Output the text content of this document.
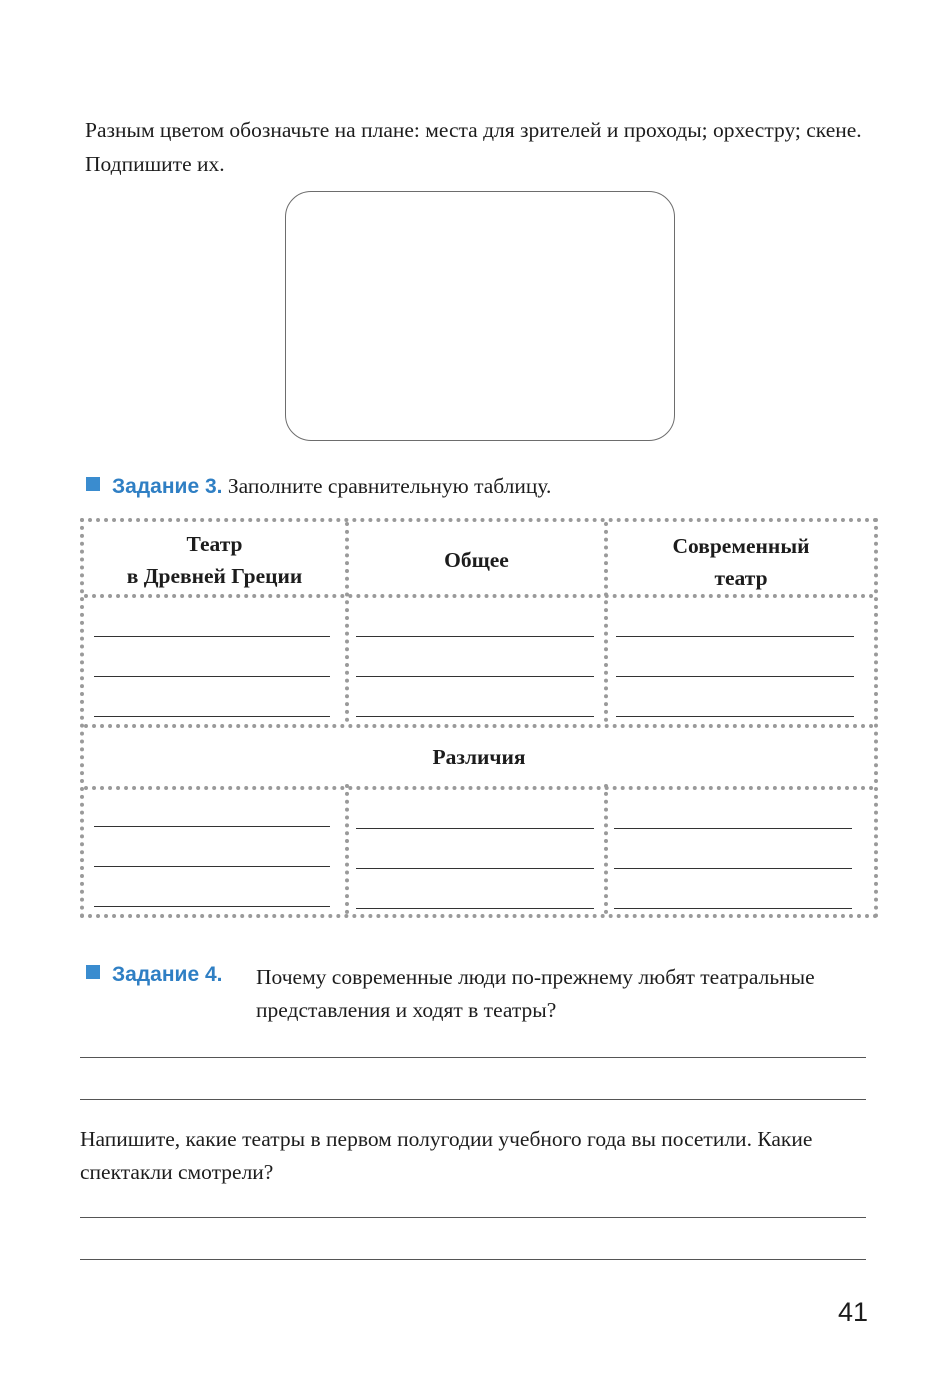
Разным цветом обозначьте на плане: места для зрителей и проходы; орхестру; скене. Подпишите их.
Задание 3. Заполните сравнительную таблицу.
Театр
в Древней Греции
Общее
Современный
театр
Различия
Задание 4.	Почему современные люди по-прежнему любят театральные представления и ходят в театры?
Напишите, какие театры в первом полугодии учебного года вы посетили. Какие спектакли смотрели?
41
